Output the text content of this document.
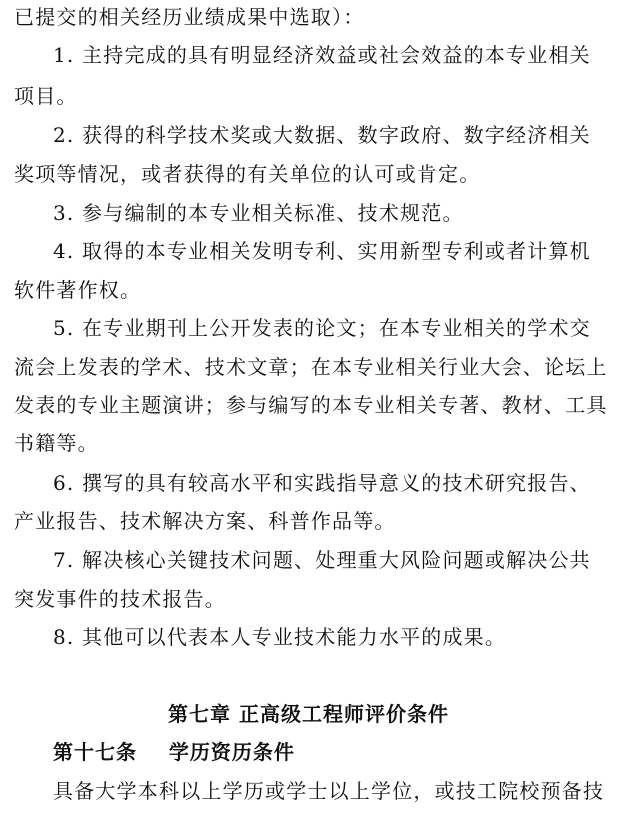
已提交的相关经历业绩成果中选取）：
1. 主持完成的具有明显经济效益或社会效益的本专业相关
项目。
2. 获得的科学技术奖或大数据、数字政府、数字经济相关
奖项等情况，或者获得的有关单位的认可或肯定。
3. 参与编制的本专业相关标准、技术规范。
4. 取得的本专业相关发明专利、实用新型专利或者计算机
软件著作权。
5. 在专业期刊上公开发表的论文；在本专业相关的学术交
流会上发表的学术、技术文章；在本专业相关行业大会、论坛上
发表的专业主题演讲；参与编写的本专业相关专著、教材、工具
书籍等。
6. 撰写的具有较高水平和实践指导意义的技术研究报告、
产业报告、技术解决方案、科普作品等。
7. 解决核心关键技术问题、处理重大风险问题或解决公共
突发事件的技术报告。
8. 其他可以代表本人专业技术能力水平的成果。
第七章 正高级工程师评价条件
第十七条    学历资历条件
具备大学本科以上学历或学士以上学位，或技工院校预备技
